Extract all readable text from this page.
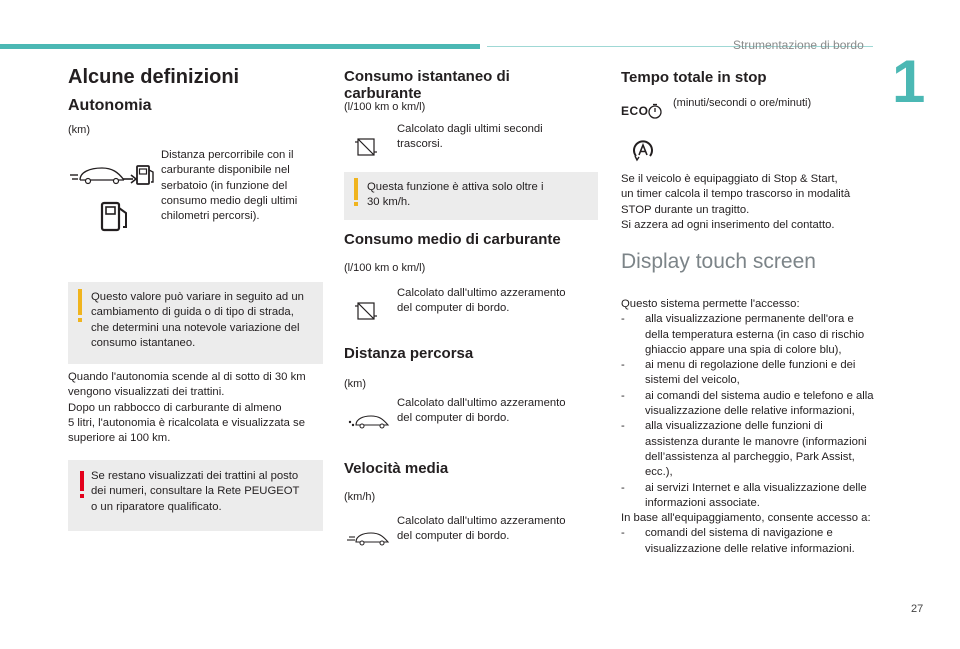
Strumentazione di bordo
1
27
Alcune definizioni
Autonomia
(km)
Distanza percorribile con il
carburante disponibile nel
serbatoio (in funzione del
consumo medio degli ultimi
chilometri percorsi).
Questo valore può variare in seguito ad un
cambiamento di guida o di tipo di strada,
che determini una notevole variazione del
consumo istantaneo.
Quando l'autonomia scende al di sotto di 30 km
vengono visualizzati dei trattini.
Dopo un rabbocco di carburante di almeno
5 litri, l'autonomia è ricalcolata e visualizzata se
superiore ai 100 km.
Se restano visualizzati dei trattini al posto
dei numeri, consultare la Rete PEUGEOT
o un riparatore qualificato.
Consumo istantaneo di
carburante
(l/100 km o km/l)
Calcolato dagli ultimi secondi
trascorsi.
Questa funzione è attiva solo oltre i
30 km/h.
Consumo medio di carburante
(l/100 km o km/l)
Calcolato dall'ultimo azzeramento
del computer di bordo.
Distanza percorsa
(km)
Calcolato dall'ultimo azzeramento
del computer di bordo.
Velocità media
(km/h)
Calcolato dall'ultimo azzeramento
del computer di bordo.
Tempo totale in stop
ECO
(minuti/secondi o ore/minuti)
Se il veicolo è equipaggiato di Stop & Start,
un timer calcola il tempo trascorso in modalità
STOP durante un tragitto.
Si azzera ad ogni inserimento del contatto.
Display touch screen
Questo sistema permette l'accesso:
- alla visualizzazione permanente dell'ora e
della temperatura esterna (in caso di rischio
ghiaccio appare una spia di colore blu),
- ai menu di regolazione delle funzioni e dei
sistemi del veicolo,
- ai comandi del sistema audio e telefono e alla
visualizzazione delle relative informazioni,
- alla visualizzazione delle funzioni di
assistenza durante le manovre (informazioni
dell’assistenza al parcheggio, Park Assist,
ecc.),
- ai servizi Internet e alla visualizzazione delle
informazioni associate.
In base all'equipaggiamento, consente accesso a:
- comandi del sistema di navigazione e
visualizzazione delle relative informazioni.
